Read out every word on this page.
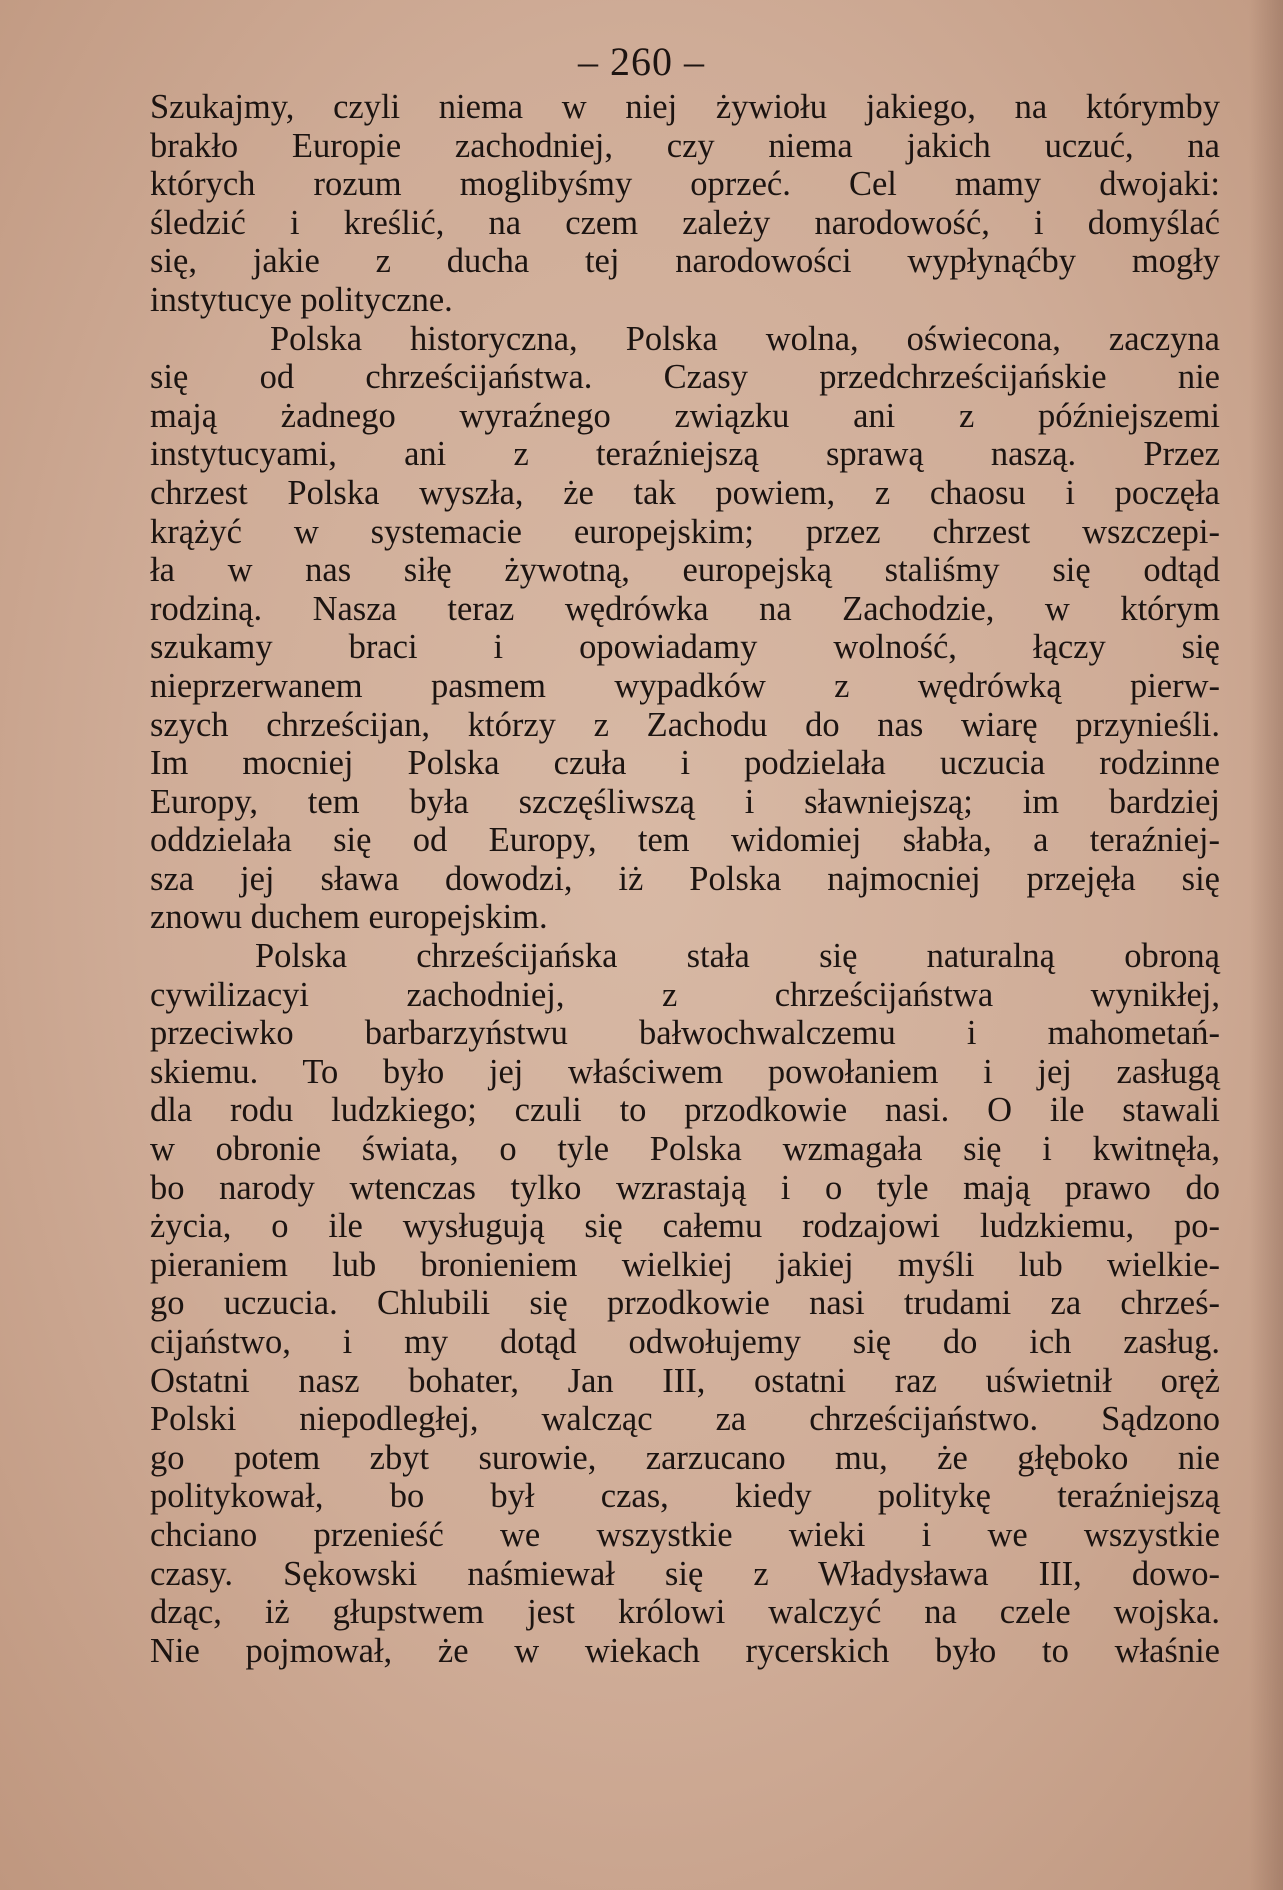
– 260 –
Szukajmy, czyli niema w niej żywiołu jakiego, na którymby
brakło Europie zachodniej, czy niema jakich uczuć, na
których rozum moglibyśmy oprzeć. Cel mamy dwojaki:
śledzić i kreślić, na czem zależy narodowość, i domyślać
się, jakie z ducha tej narodowości wypłynąćby mogły
instytucye polityczne.
Polska historyczna, Polska wolna, oświecona, zaczyna
się od chrześcijaństwa. Czasy przedchrześcijańskie nie
mają żadnego wyraźnego związku ani z późniejszemi
instytucyami, ani z teraźniejszą sprawą naszą. Przez
chrzest Polska wyszła, że tak powiem, z chaosu i poczęła
krążyć w systemacie europejskim; przez chrzest wszczepi-
ła w nas siłę żywotną, europejską staliśmy się odtąd
rodziną. Nasza teraz wędrówka na Zachodzie, w którym
szukamy braci i opowiadamy wolność, łączy się
nieprzerwanem pasmem wypadków z wędrówką pierw-
szych chrześcijan, którzy z Zachodu do nas wiarę przynieśli.
Im mocniej Polska czuła i podzielała uczucia rodzinne
Europy, tem była szczęśliwszą i sławniejszą; im bardziej
oddzielała się od Europy, tem widomiej słabła, a teraźniej-
sza jej sława dowodzi, iż Polska najmocniej przejęła się
znowu duchem europejskim.
Polska chrześcijańska stała się naturalną obroną
cywilizacyi zachodniej, z chrześcijaństwa wynikłej,
przeciwko barbarzyństwu bałwochwalczemu i mahometań-
skiemu. To było jej właściwem powołaniem i jej zasługą
dla rodu ludzkiego; czuli to przodkowie nasi. O ile stawali
w obronie świata, o tyle Polska wzmagała się i kwitnęła,
bo narody wtenczas tylko wzrastają i o tyle mają prawo do
życia, o ile wysługują się całemu rodzajowi ludzkiemu, po-
pieraniem lub bronieniem wielkiej jakiej myśli lub wielkie-
go uczucia. Chlubili się przodkowie nasi trudami za chrześ-
cijaństwo, i my dotąd odwołujemy się do ich zasług.
Ostatni nasz bohater, Jan III, ostatni raz uświetnił oręż
Polski niepodległej, walcząc za chrześcijaństwo. Sądzono
go potem zbyt surowie, zarzucano mu, że głęboko nie
politykował, bo był czas, kiedy politykę teraźniejszą
chciano przenieść we wszystkie wieki i we wszystkie
czasy. Sękowski naśmiewał się z Władysława III, dowo-
dząc, iż głupstwem jest królowi walczyć na czele wojska.
Nie pojmował, że w wiekach rycerskich było to właśnie
